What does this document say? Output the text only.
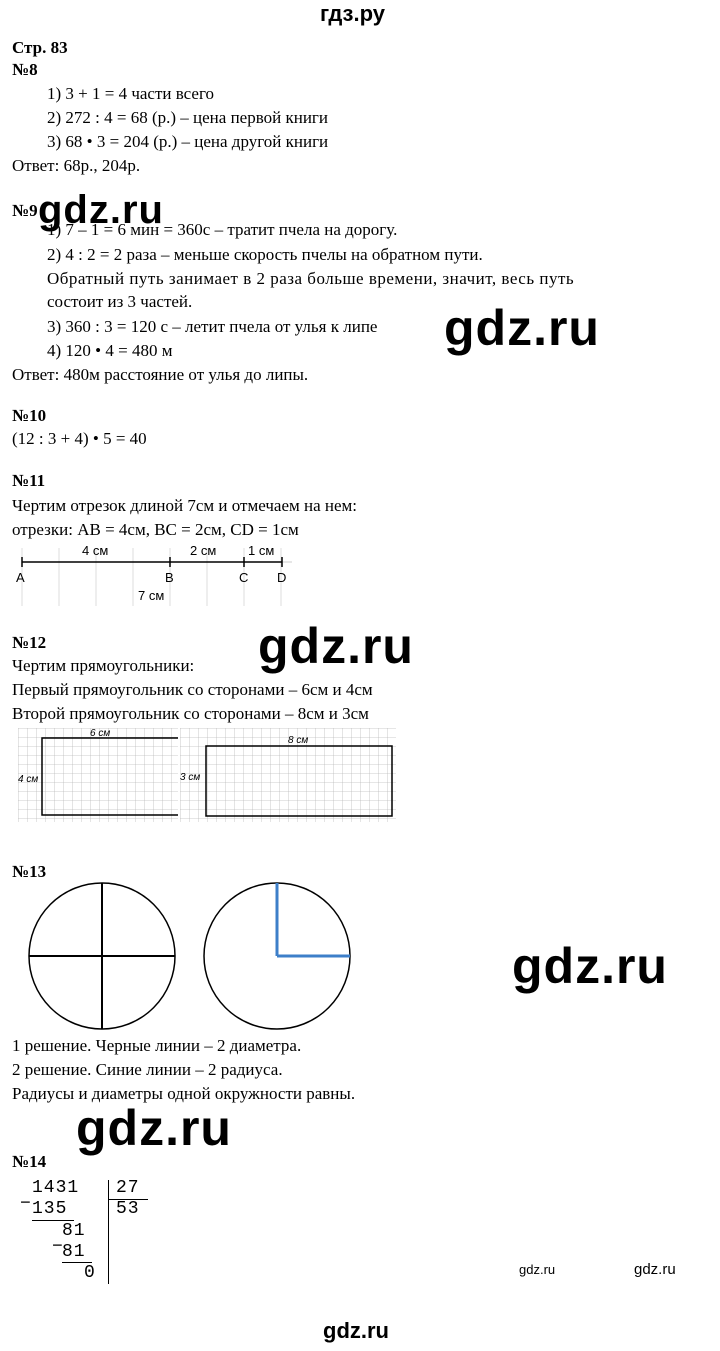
гдз.ру
Стр. 83
№8
1) 3 + 1 = 4 части всего
2) 272 : 4 = 68 (р.) – цена первой книги
3) 68 • 3 = 204 (р.) – цена другой книги
Ответ: 68р., 204р.
№9 gdz.ru
1) 7 – 1 = 6 мин = 360с – тратит пчела на дорогу.
2) 4 : 2 = 2 раза – меньше скорость пчелы на обратном пути.
Обратный путь занимает в 2 раза больше времени, значит, весь путь
состоит из 3 частей.
3) 360 : 3 = 120 с – летит пчела от улья к липе
4) 120 • 4 = 480 м
Ответ: 480м расстояние от улья до липы.
gdz.ru
№10
(12 : 3 + 4) • 5 = 40
№11
Чертим отрезок длиной 7см и отмечаем на нем:
отрезки: AB = 4см, BC = 2см, CD = 1см
4 см	2 см 1 см
A	B	C D
7 см
№12	gdz.ru
Чертим прямоугольники:
Первый прямоугольник со сторонами – 6см и 4см
Второй прямоугольник со сторонами – 8см и 3см
6 см
4 см
8 см
3 см
№13
gdz.ru
1 решение. Черные линии – 2 диаметра.
2 решение. Синие линии – 2 радиуса.
Радиусы и диаметры одной окружности равны.
gdz.ru
№14
1431 27
53
− 135
81
−
81
0	gdz.ru	gdz.ru
gdz.ru
